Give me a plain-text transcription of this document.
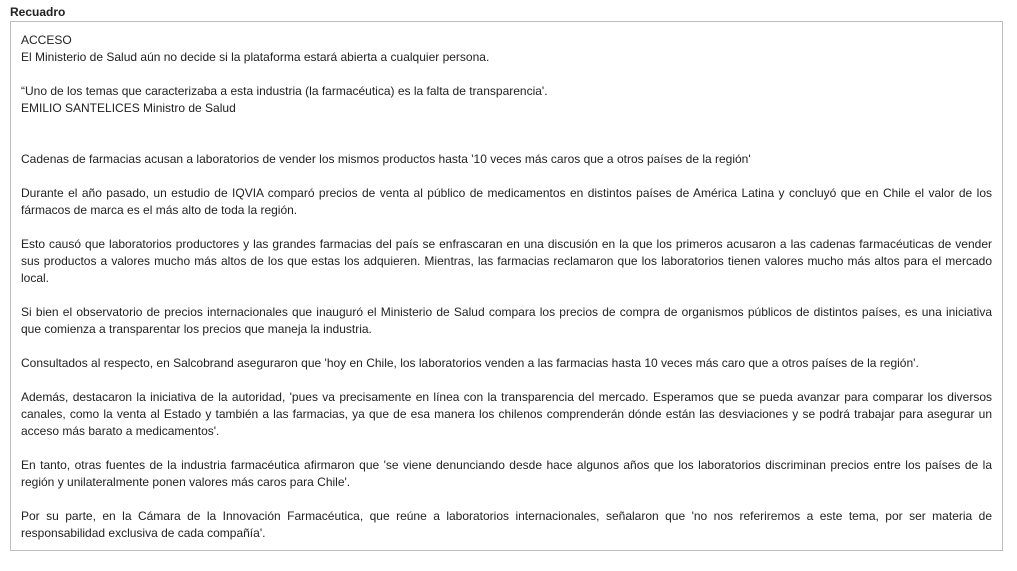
Recuadro

ACCESO

El Ministerio de Salud aún no decide si la plataforma estará abierta a cualquier persona.

“Uno de los temas que caracterizaba a esta industria (la farmacéutica) es la falta de transparencia'.

EMILIO SANTELICES Ministro de Salud

Cadenas de farmacias acusan a laboratorios de vender los mismos productos hasta '10 veces más caros que a otros países de la región'

Durante el año pasado, un estudio de IQVIA comparó precios de venta al público de medicamentos en distintos países de América Latina y concluyó que en Chile el valor de los fármacos de marca es el más alto de toda la región.

Esto causó que laboratorios productores y las grandes farmacias del país se enfrascaran en una discusión en la que los primeros acusaron a las cadenas farmacéuticas de vender sus productos a valores mucho más altos de los que estas los adquieren. Mientras, las farmacias reclamaron que los laboratorios tienen valores mucho más altos para el mercado local.

Si bien el observatorio de precios internacionales que inauguró el Ministerio de Salud compara los precios de compra de organismos públicos de distintos países, es una iniciativa que comienza a transparentar los precios que maneja la industria.

Consultados al respecto, en Salcobrand aseguraron que 'hoy en Chile, los laboratorios venden a las farmacias hasta 10 veces más caro que a otros países de la región'.

Además, destacaron la iniciativa de la autoridad, 'pues va precisamente en línea con la transparencia del mercado. Esperamos que se pueda avanzar para comparar los diversos canales, como la venta al Estado y también a las farmacias, ya que de esa manera los chilenos comprenderán dónde están las desviaciones y se podrá trabajar para asegurar un acceso más barato a medicamentos'.

En tanto, otras fuentes de la industria farmacéutica afirmaron que 'se viene denunciando desde hace algunos años que los laboratorios discriminan precios entre los países de la región y unilateralmente ponen valores más caros para Chile'.

Por su parte, en la Cámara de la Innovación Farmacéutica, que reúne a laboratorios internacionales, señalaron que 'no nos referiremos a este tema, por ser materia de responsabilidad exclusiva de cada compañía'.
